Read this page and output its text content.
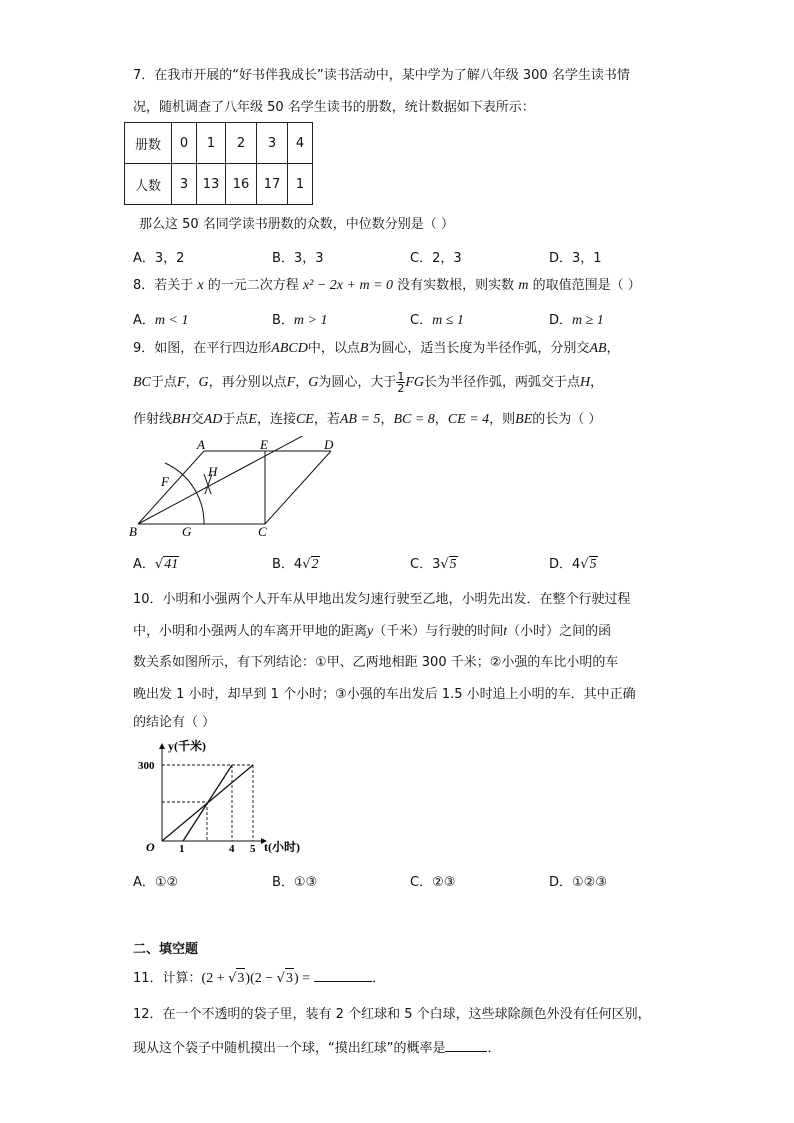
7．在我市开展的“好书伴我成长”读书活动中，某中学为了解八年级 300 名学生读书情
况，随机调查了八年级 50 名学生读书的册数，统计数据如下表所示：
册数	0	1	2	3	4
人数	3	13	16	17	1
那么这 50 名同学读书册数的众数，中位数分别是（ ）
A．3，2	B．3，3	C．2，3	D．3，1
8．若关于 x 的一元二次方程 x² − 2x + m = 0 没有实数根，则实数 m 的取值范围是（ ）
A．m < 1	B．m > 1	C．m ≤ 1	D．m ≥ 1
9．如图，在平行四边形ABCD中，以点B为圆心，适当长度为半径作弧，分别交AB，
BC于点F，G，再分别以点F，G为圆心，大于 $\frac{1}{2}$ FG长为半径作弧，两弧交于点H，
作射线BH交AD于点E，连接CE，若AB = 5，BC = 8，CE = 4，则BE的长为（ ）
A
B	C
D
E
F
G
H
A．√41	B．4√2	C．3√5	D．4√5
10．小明和小强两个人开车从甲地出发匀速行驶至乙地，小明先出发．在整个行驶过程
中，小明和小强两人的车离开甲地的距离y（千米）与行驶的时间t（小时）之间的函
数关系如图所示，有下列结论：①甲、乙两地相距 300 千米；②小强的车比小明的车
晚出发 1 小时，却早到 1 个小时；③小强的车出发后 1.5 小时追上小明的车．其中正确
的结论有（ ）
y(千米)
t(小时)
O
300
1	4 5
A．①②	B．①③	C．②③	D．①②③
二、填空题
11．计算：(2 + √3)(2 − √3) =	．
12．在一个不透明的袋子里，装有 2 个红球和 5 个白球，这些球除颜色外没有任何区别，
现从这个袋子中随机摸出一个球，“摸出红球”的概率是	．
